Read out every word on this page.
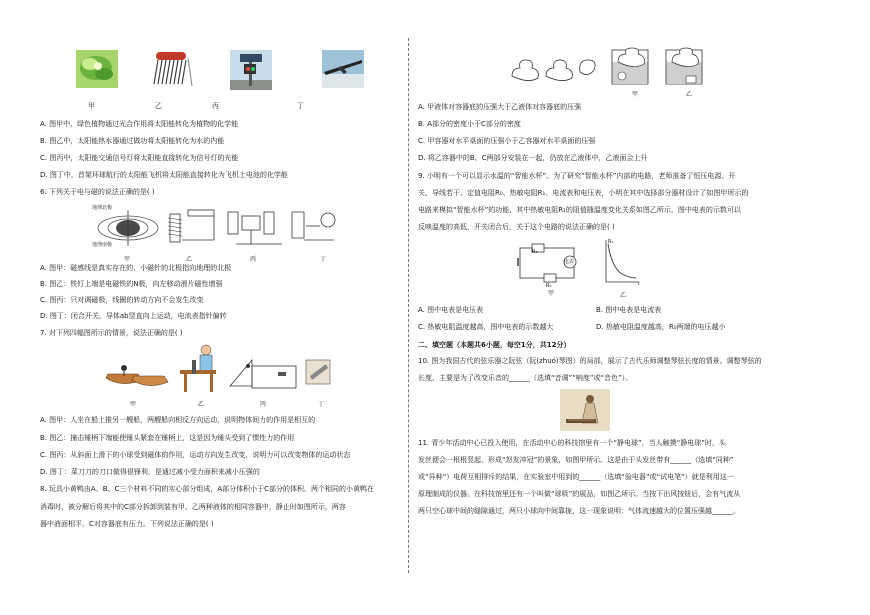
甲	乙	丙	丁
A. 图甲中，绿色植物通过光合作用将太阳能转化为植物的化学能
B. 图乙中，太阳能热水器通过做功将太阳能转化为水的内能
C. 图丙中，太阳能交通信号灯将太阳能直接转化为信号灯的光能
D. 图丁中，首架环球航行的太阳能飞机将太阳能直接转化为飞机上电池的化学能
6. 下列关于电与磁的说法正确的是( )
地理北极
地理南极
甲	乙	丙	丁
A. 图甲：磁感线是真实存在的，小磁针的北极指向地理的北极
B. 图乙：铁钉上端是电磁铁的N极，向左移动滑片磁性增强
C. 图丙：只对调磁极，线圈的转动方向不会发生改变
D. 图丁：闭合开关，导体ab竖直向上运动，电流表指针偏转
7. 对下列四幅图所示的情景，说法正确的是( )
甲	乙	丙	丁
A. 图甲：人坐在船上推另一艘船，两艘船向相反方向运动，说明物体间力的作用是相互的
B. 图乙：撞击锤柄下端能使锤头紧套在锤柄上，这是因为锤头受到了惯性力的作用
C. 图丙：从斜面上滑下的小球受到磁体的作用，运动方向发生改变，说明力可以改变物体的运动状态
D. 图丁：菜刀刀的刀口做得很锋利，是通过减小受力面积来减小压强的
8. 玩具小黄鸭由A、B、C三个材料不同的实心部分组成，A部分体积小于C部分的体积。两个相同的小黄鸭在
消毒时，被分解后将其中的C部分拆卸到装有甲、乙两种液体的相同容器中，静止时如图所示，两容
器中液面相平，C对容器底有压力。下列说法正确的是( )
甲	乙
A. 甲液体对容器底的压强大于乙液体对容器底的压强
B. A部分的密度小于C部分的密度
C. 甲容器对水平桌面的压强小于乙容器对水平桌面的压强
D. 将乙容器中的B、C两部分安装在一起，仍放在乙液体中，乙液面会上升
9. 小明有一个可以显示水温的“智能水杯”。为了研究“智能水杯”内部的电路，老师准备了恒压电源、开
关、导线若干、定值电阻R₀、热敏电阻R₁、电流表和电压表，小明在其中选择部分器材设计了如图甲所示的
电路来模拟“智能水杯”的功能，其中热敏电阻R₁的阻值随温度变化关系如图乙所示，图中电表的示数可以
反映温度的高低，开关闭合后，关于这个电路的说法正确的是( )
电表
R₁
R₀
甲
R₁
t
乙
A. 图中电表是电压表	B. 图中电表是电流表
C. 热敏电阻温度越高，图中电表的示数越大	D. 热敏电阻温度越高，R₀两端的电压越小
二、填空题（本题共6小题，每空1分，共12分）
10. 图为我国古代的弦乐器之阮弦（阮(zhuó)琴图）的局部，展示了古代乐师调整琴弦长度的情景。调整琴弦的
长度，主要是为了改变乐音的______（选填“音调”“响度”或“音色”）。
11. 青少年活动中心已投入使用，在活动中心的科技馆里有一个“静电球”，当人触摸“静电球”时，头
发丝便会一根根竖起，形成“怒发冲冠”的景象，如图甲所示。这是由于头发丝带有______（选填“同种”
或“异种”）电荷互相排斥的结果，在实验室中用到的______（选填“验电器”或“试电笔”）就是利用这一
原理制成的仪器。在科技馆里还有一个叫做“球吸”的展品，如图乙所示。当按下出风按钮后，会有气流从
两只空心球中间的缝隙通过，两只小球向中间靠拢，这一现象说明：气体流速越大的位置压强越______。
